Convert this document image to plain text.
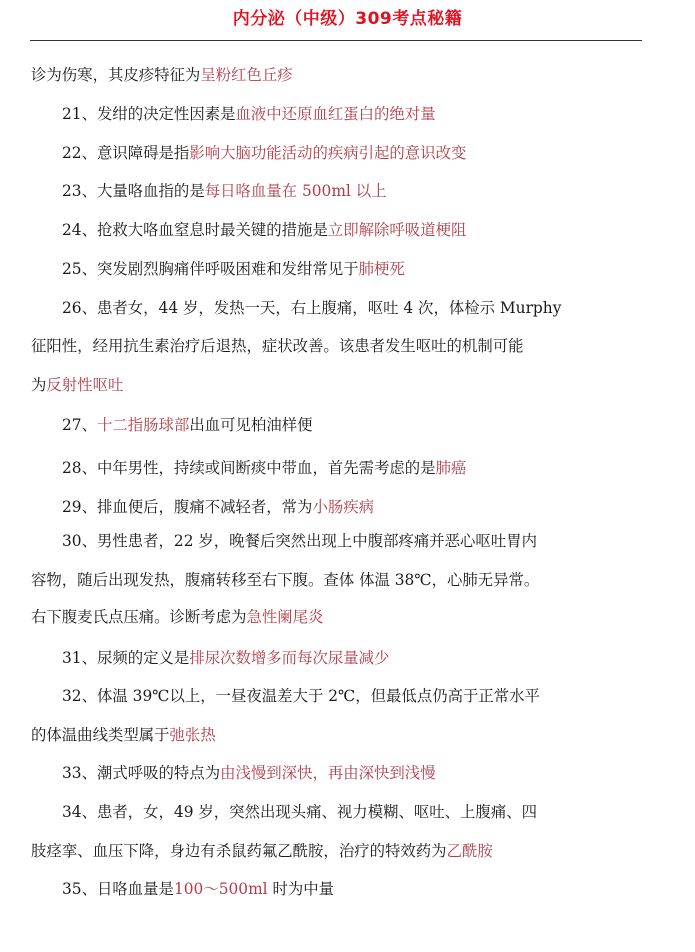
内分泌（中级）309考点秘籍
诊为伤寒，其皮疹特征为呈粉红色丘疹
21、发绀的决定性因素是血液中还原血红蛋白的绝对量
22、意识障碍是指影响大脑功能活动的疾病引起的意识改变
23、大量咯血指的是每日咯血量在 500ml 以上
24、抢救大咯血窒息时最关键的措施是立即解除呼吸道梗阻
25、突发剧烈胸痛伴呼吸困难和发绀常见于肺梗死
26、患者女，44 岁，发热一天，右上腹痛，呕吐 4 次，体检示 Murphy
征阳性，经用抗生素治疗后退热，症状改善。该患者发生呕吐的机制可能
为反射性呕吐
27、十二指肠球部出血可见柏油样便
28、中年男性，持续或间断痰中带血，首先需考虑的是肺癌
29、排血便后，腹痛不减轻者，常为小肠疾病
30、男性患者，22 岁，晚餐后突然出现上中腹部疼痛并恶心呕吐胃内
容物，随后出现发热，腹痛转移至右下腹。查体 体温 38℃，心肺无异常。
右下腹麦氏点压痛。诊断考虑为急性阑尾炎
31、尿频的定义是排尿次数增多而每次尿量减少
32、体温 39℃以上，一昼夜温差大于 2℃，但最低点仍高于正常水平
的体温曲线类型属于弛张热
33、潮式呼吸的特点为由浅慢到深快，再由深快到浅慢
34、患者，女，49 岁，突然出现头痛、视力模糊、呕吐、上腹痛、四
肢痉挛、血压下降，身边有杀鼠药氟乙酰胺，治疗的特效药为乙酰胺
35、日咯血量是100～500ml 时为中量
